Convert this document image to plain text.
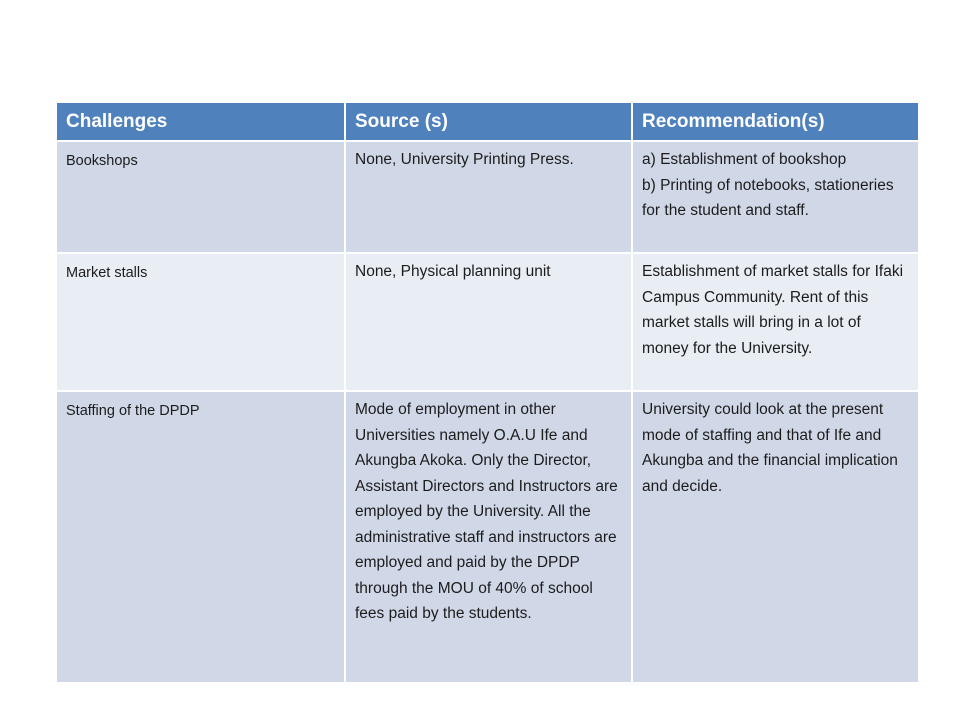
Challenges	Source (s)	Recommendation(s)
Bookshops	None, University Printing Press.	a) Establishment of bookshop
b) Printing of notebooks, stationeries for the student and staff.
Market stalls	None, Physical planning unit	Establishment of market stalls for Ifaki Campus Community. Rent of this market stalls will bring in a lot of money for the University.
Staffing of the DPDP	Mode of employment in other Universities namely O.A.U Ife and Akungba Akoka. Only the Director, Assistant Directors and Instructors are employed by the University. All the administrative staff and instructors are employed and paid by the DPDP through the MOU of 40% of school fees paid by the students.	University could look at the present mode of staffing and that of Ife and Akungba and the financial implication and decide.
